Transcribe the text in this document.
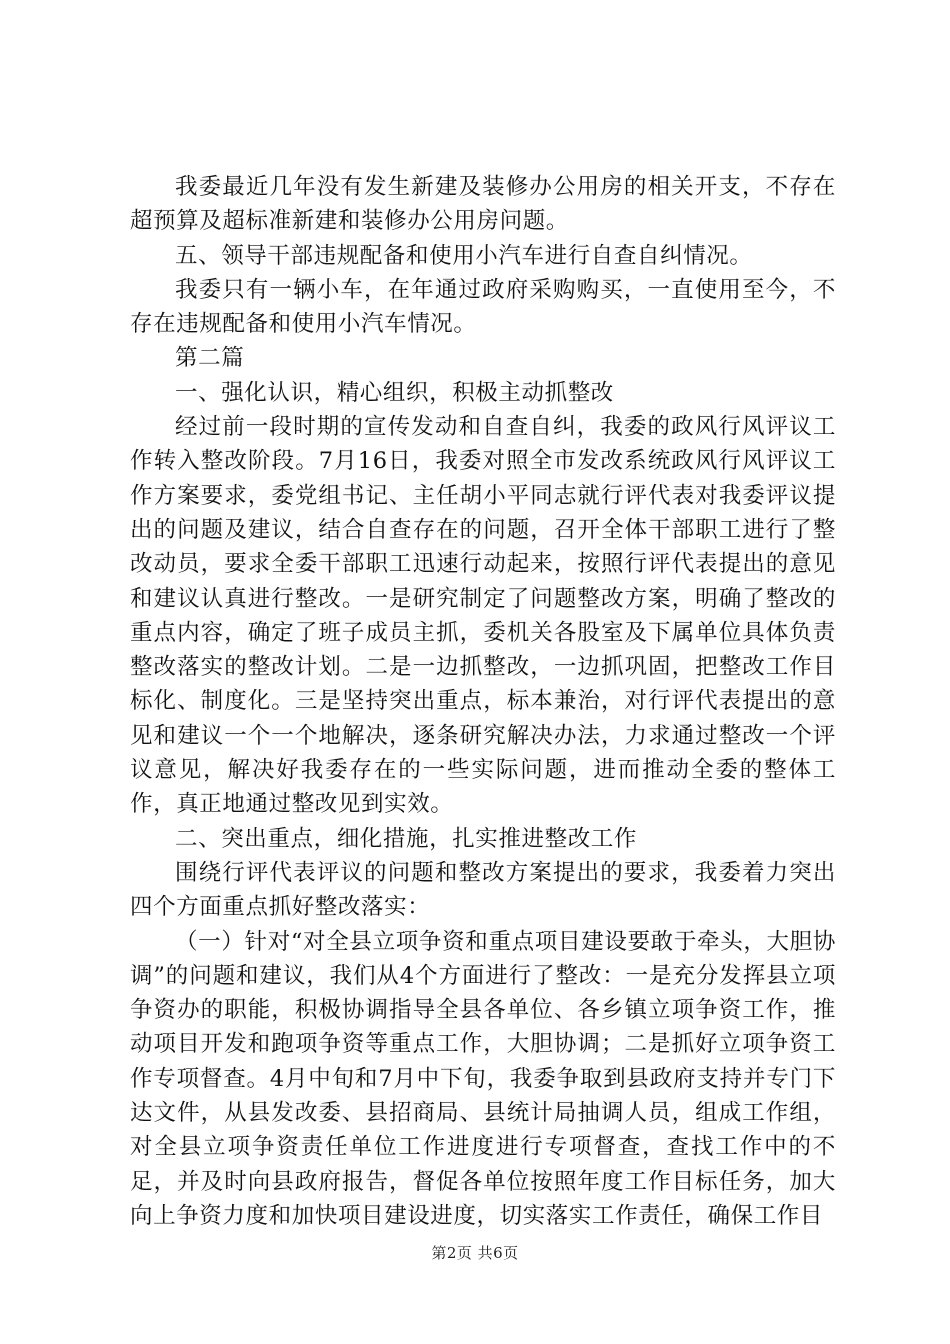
我委最近几年没有发生新建及装修办公用房的相关开支，不存在超预算及超标准新建和装修办公用房问题。

五、领导干部违规配备和使用小汽车进行自查自纠情况。

我委只有一辆小车，在年通过政府采购购买，一直使用至今，不存在违规配备和使用小汽车情况。

第二篇

一、强化认识，精心组织，积极主动抓整改

经过前一段时期的宣传发动和自查自纠，我委的政风行风评议工作转入整改阶段。7月16日，我委对照全市发改系统政风行风评议工作方案要求，委党组书记、主任胡小平同志就行评代表对我委评议提出的问题及建议，结合自查存在的问题，召开全体干部职工进行了整改动员，要求全委干部职工迅速行动起来，按照行评代表提出的意见和建议认真进行整改。一是研究制定了问题整改方案，明确了整改的重点内容，确定了班子成员主抓，委机关各股室及下属单位具体负责整改落实的整改计划。二是一边抓整改，一边抓巩固，把整改工作目标化、制度化。三是坚持突出重点，标本兼治，对行评代表提出的意见和建议一个一个地解决，逐条研究解决办法，力求通过整改一个评议意见，解决好我委存在的一些实际问题，进而推动全委的整体工作，真正地通过整改见到实效。

二、突出重点，细化措施，扎实推进整改工作

围绕行评代表评议的问题和整改方案提出的要求，我委着力突出四个方面重点抓好整改落实：

（一）针对“对全县立项争资和重点项目建设要敢于牵头，大胆协调”的问题和建议，我们从4个方面进行了整改：一是充分发挥县立项争资办的职能，积极协调指导全县各单位、各乡镇立项争资工作，推动项目开发和跑项争资等重点工作，大胆协调；二是抓好立项争资工作专项督查。4月中旬和7月中下旬，我委争取到县政府支持并专门下达文件，从县发改委、县招商局、县统计局抽调人员，组成工作组，对全县立项争资责任单位工作进度进行专项督查，查找工作中的不足，并及时向县政府报告，督促各单位按照年度工作目标任务，加大向上争资力度和加快项目建设进度，切实落实工作责任，确保工作目

第2页 共6页
